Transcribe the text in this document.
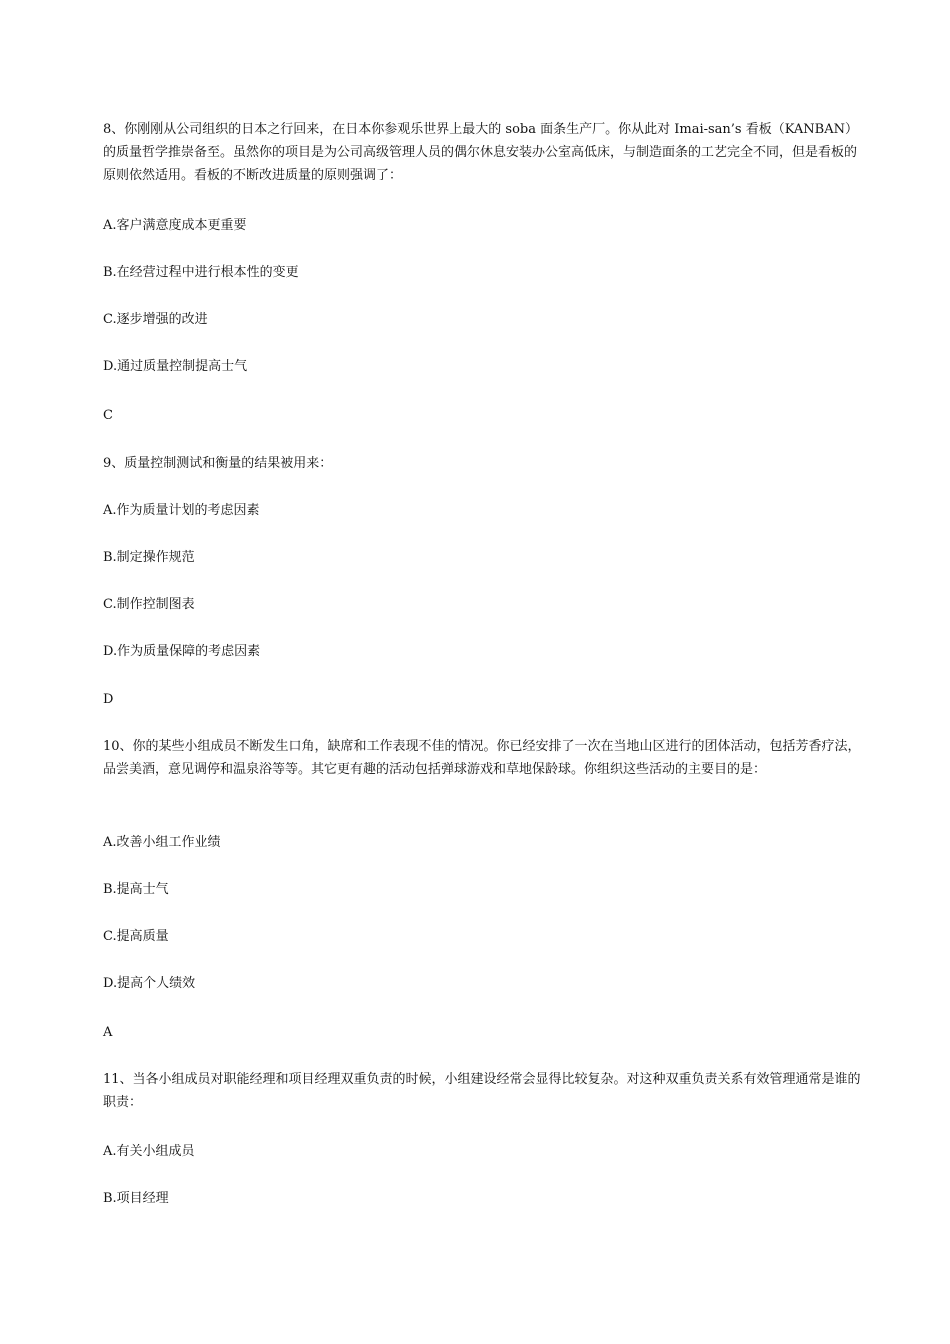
8、你刚刚从公司组织的日本之行回来，在日本你参观乐世界上最大的 soba 面条生产厂。你从此对 Imai-san’s 看板（KANBAN）的质量哲学推崇备至。虽然你的项目是为公司高级管理人员的偶尔休息安装办公室高低床，与制造面条的工艺完全不同，但是看板的原则依然适用。看板的不断改进质量的原则强调了：

A.客户满意度成本更重要

B.在经营过程中进行根本性的变更

C.逐步增强的改进

D.通过质量控制提高士气

C

9、质量控制测试和衡量的结果被用来：

A.作为质量计划的考虑因素

B.制定操作规范

C.制作控制图表

D.作为质量保障的考虑因素

D

10、你的某些小组成员不断发生口角，缺席和工作表现不佳的情况。你已经安排了一次在当地山区进行的团体活动，包括芳香疗法，品尝美酒，意见调停和温泉浴等等。其它更有趣的活动包括弹球游戏和草地保龄球。你组织这些活动的主要目的是：

A.改善小组工作业绩

B.提高士气

C.提高质量

D.提高个人绩效

A

11、当各小组成员对职能经理和项目经理双重负责的时候，小组建设经常会显得比较复杂。对这种双重负责关系有效管理通常是谁的职责：

A.有关小组成员

B.项目经理
